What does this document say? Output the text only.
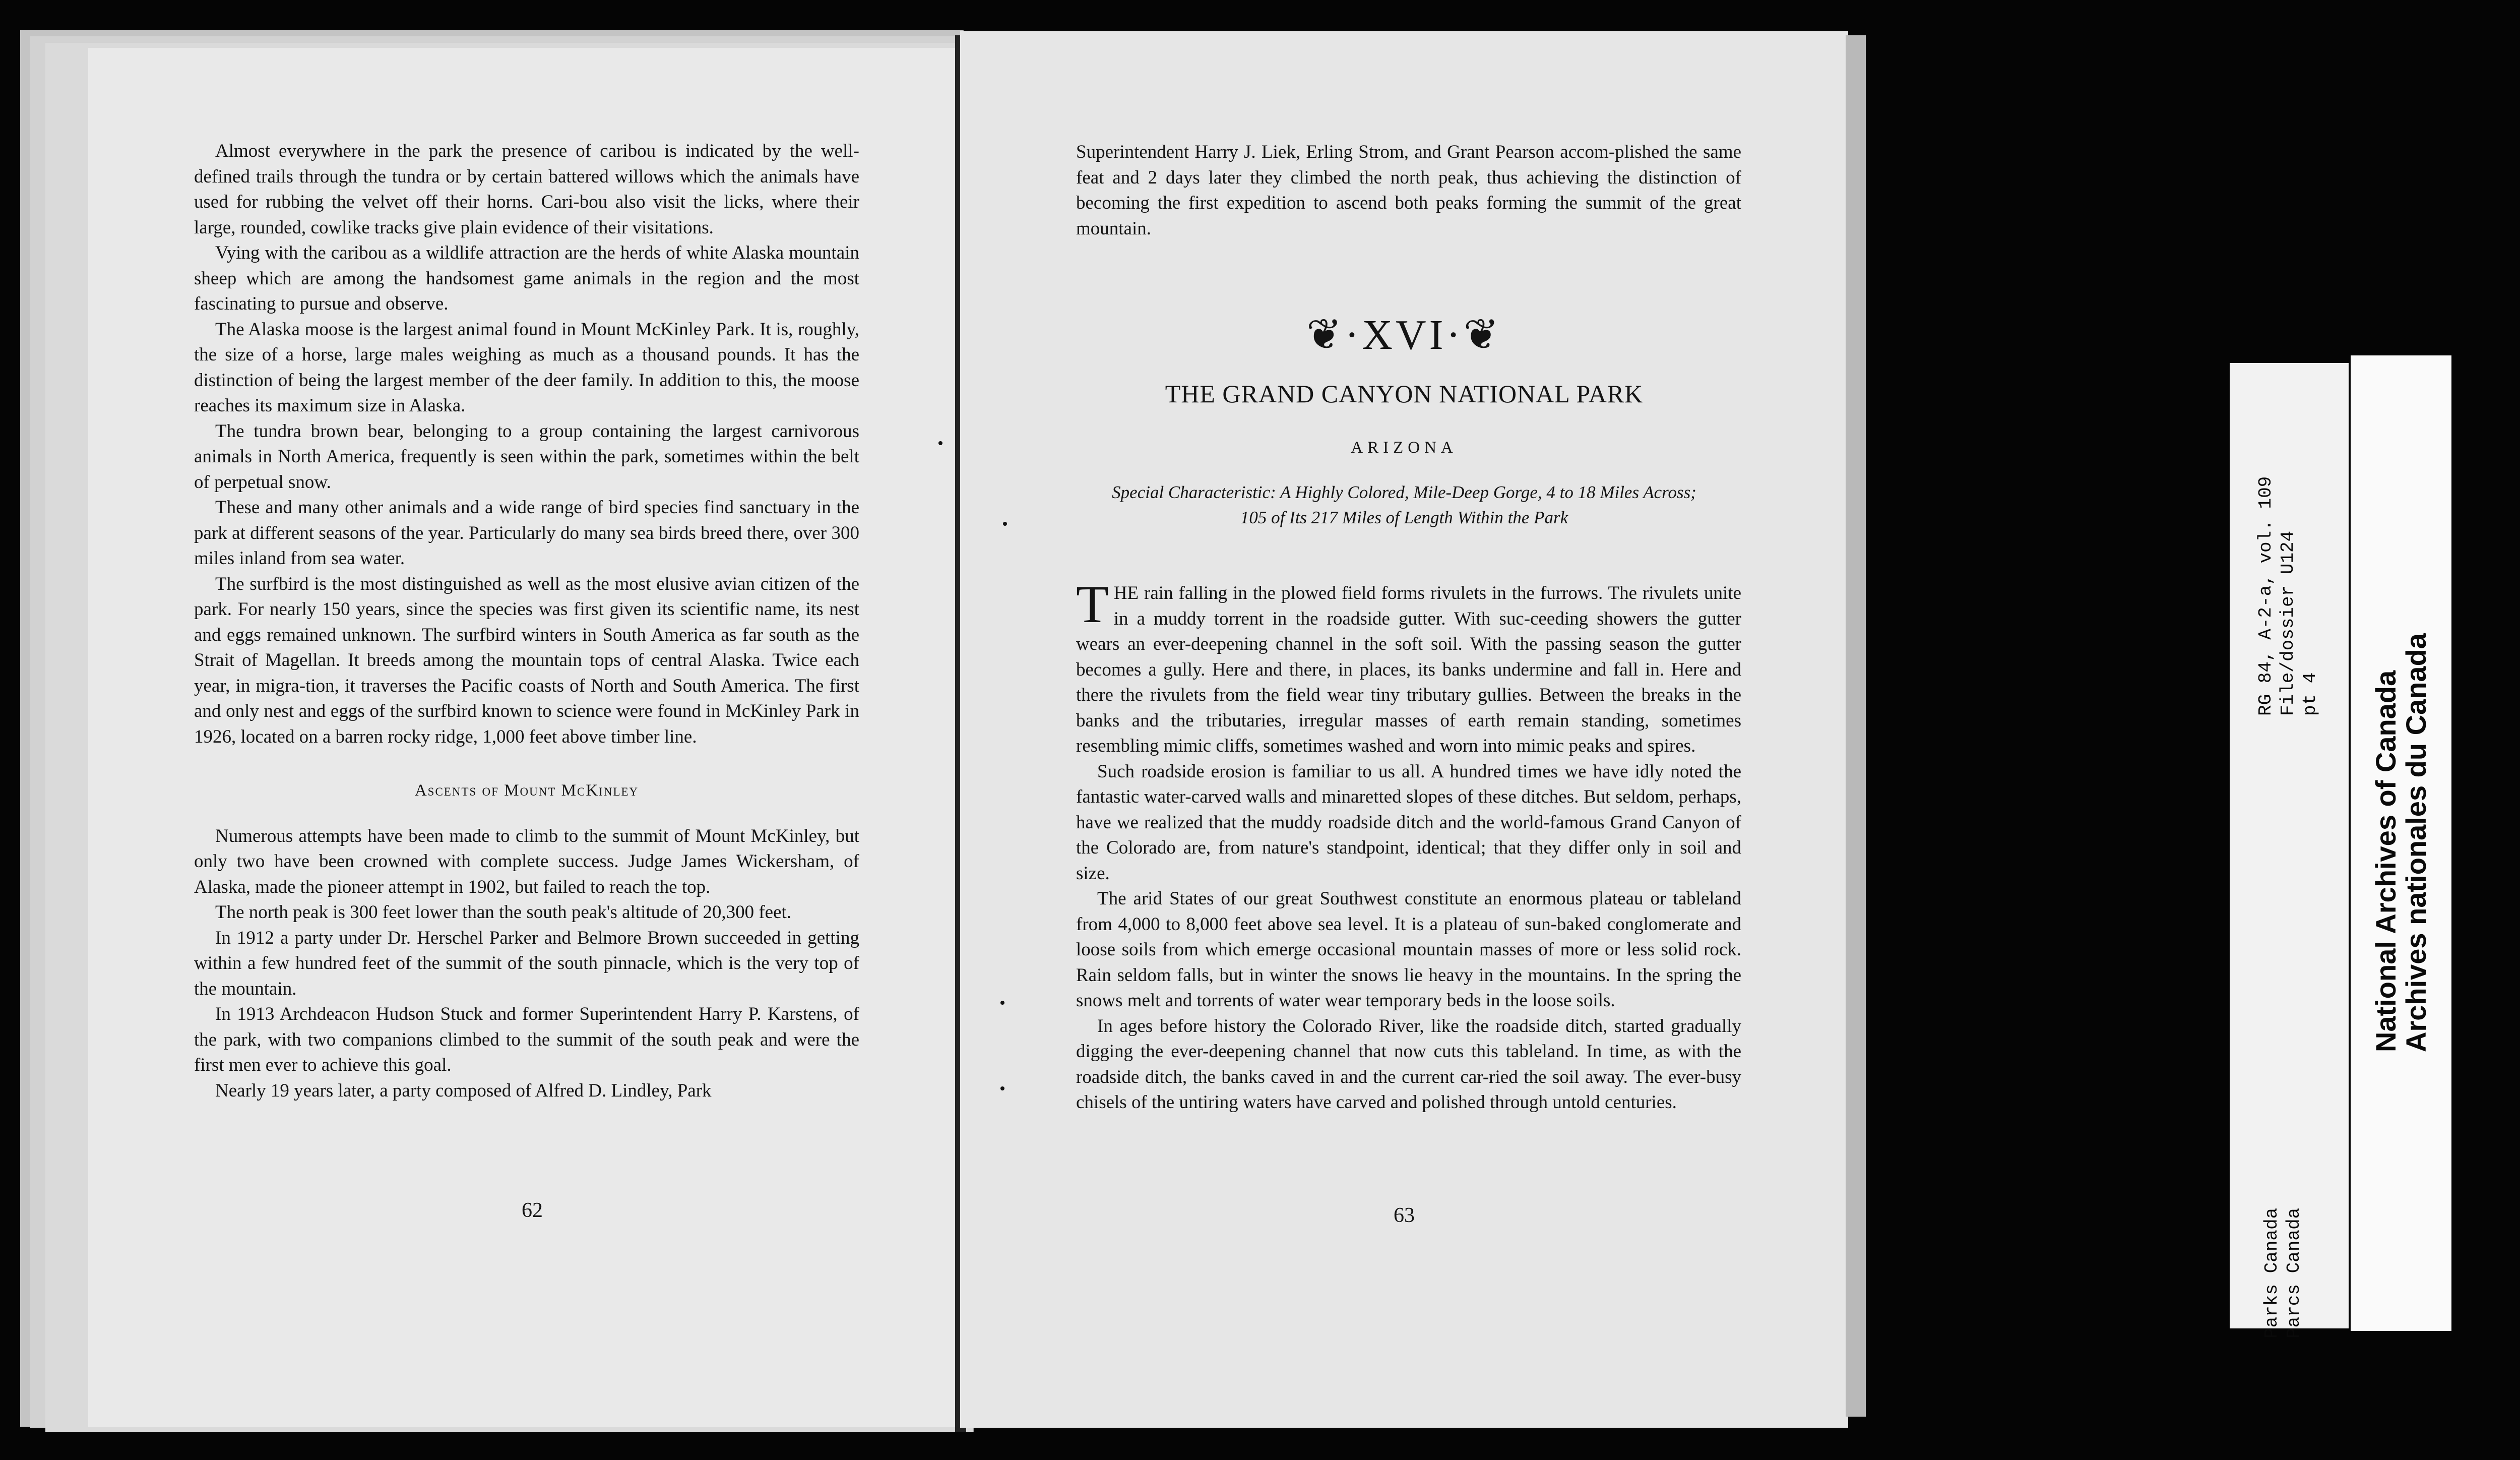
Almost everywhere in the park the presence of caribou is indicated by the well-defined trails through the tundra or by certain battered willows which the animals have used for rubbing the velvet off their horns. Cari-bou also visit the licks, where their large, rounded, cowlike tracks give plain evidence of their visitations.

Vying with the caribou as a wildlife attraction are the herds of white Alaska mountain sheep which are among the handsomest game animals in the region and the most fascinating to pursue and observe.

The Alaska moose is the largest animal found in Mount McKinley Park. It is, roughly, the size of a horse, large males weighing as much as a thousand pounds. It has the distinction of being the largest member of the deer family. In addition to this, the moose reaches its maximum size in Alaska.

The tundra brown bear, belonging to a group containing the largest carnivorous animals in North America, frequently is seen within the park, sometimes within the belt of perpetual snow.

These and many other animals and a wide range of bird species find sanctuary in the park at different seasons of the year. Particularly do many sea birds breed there, over 300 miles inland from sea water.

The surfbird is the most distinguished as well as the most elusive avian citizen of the park. For nearly 150 years, since the species was first given its scientific name, its nest and eggs remained unknown. The surfbird winters in South America as far south as the Strait of Magellan. It breeds among the mountain tops of central Alaska. Twice each year, in migra-tion, it traverses the Pacific coasts of North and South America. The first and only nest and eggs of the surfbird known to science were found in McKinley Park in 1926, located on a barren rocky ridge, 1,000 feet above timber line.

Ascents of Mount McKinley

Numerous attempts have been made to climb to the summit of Mount McKinley, but only two have been crowned with complete success. Judge James Wickersham, of Alaska, made the pioneer attempt in 1902, but failed to reach the top.

The north peak is 300 feet lower than the south peak's altitude of 20,300 feet.

In 1912 a party under Dr. Herschel Parker and Belmore Brown succeeded in getting within a few hundred feet of the summit of the south pinnacle, which is the very top of the mountain.

In 1913 Archdeacon Hudson Stuck and former Superintendent Harry P. Karstens, of the park, with two companions climbed to the summit of the south peak and were the first men ever to achieve this goal.

Nearly 19 years later, a party composed of Alfred D. Lindley, Park

62

Superintendent Harry J. Liek, Erling Strom, and Grant Pearson accom-plished the same feat and 2 days later they climbed the north peak, thus achieving the distinction of becoming the first expedition to ascend both peaks forming the summit of the great mountain.

❦·XVI·❦
THE GRAND CANYON NATIONAL PARK
ARIZONA
Special Characteristic: A Highly Colored, Mile-Deep Gorge, 4 to 18 Miles Across;
105 of Its 217 Miles of Length Within the Park

THE rain falling in the plowed field forms rivulets in the furrows. The rivulets unite in a muddy torrent in the roadside gutter. With suc-ceeding showers the gutter wears an ever-deepening channel in the soft soil. With the passing season the gutter becomes a gully. Here and there, in places, its banks undermine and fall in. Here and there the rivulets from the field wear tiny tributary gullies. Between the breaks in the banks and the tributaries, irregular masses of earth remain standing, sometimes resembling mimic cliffs, sometimes washed and worn into mimic peaks and spires.

Such roadside erosion is familiar to us all. A hundred times we have idly noted the fantastic water-carved walls and minaretted slopes of these ditches. But seldom, perhaps, have we realized that the muddy roadside ditch and the world-famous Grand Canyon of the Colorado are, from nature's standpoint, identical; that they differ only in soil and size.

The arid States of our great Southwest constitute an enormous plateau or tableland from 4,000 to 8,000 feet above sea level. It is a plateau of sun-baked conglomerate and loose soils from which emerge occasional mountain masses of more or less solid rock. Rain seldom falls, but in winter the snows lie heavy in the mountains. In the spring the snows melt and torrents of water wear temporary beds in the loose soils.

In ages before history the Colorado River, like the roadside ditch, started gradually digging the ever-deepening channel that now cuts this tableland. In time, as with the roadside ditch, the banks caved in and the current car-ried the soil away. The ever-busy chisels of the untiring waters have carved and polished through untold centuries.

63	Parks Canada Parcs Canada
RG 84, A-2-a, vol. 109 File/dossier U124 pt 4 National Archives of Canada
Archives nationales du Canada
